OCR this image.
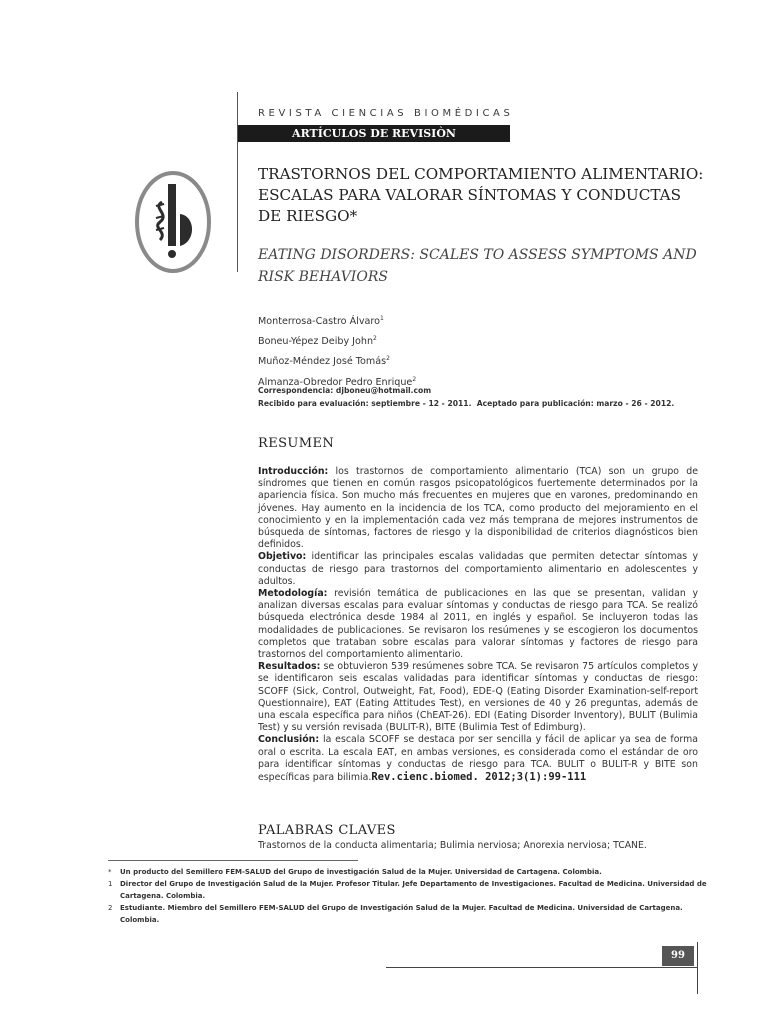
REVISTA CIENCIAS BIOMÉDICAS
ARTÍCULOS DE REVISIÒN
TRASTORNOS DEL COMPORTAMIENTO ALIMENTARIO: ESCALAS PARA VALORAR SÍNTOMAS Y CONDUCTAS DE RIESGO*
EATING DISORDERS: SCALES TO ASSESS SYMPTOMS AND RISK BEHAVIORS
Monterrosa-Castro Álvaro$^1$
Boneu-Yépez Deiby John$^2$
Muñoz-Méndez José Tomás$^2$
Almanza-Obredor Pedro Enrique$^2$
Correspondencia: djboneu@hotmail.com
Recibido para evaluación: septiembre - 12 - 2011. Aceptado para publicación: marzo - 26 - 2012.
RESUMEN

Introducción: los trastornos de comportamiento alimentario (TCA) son un grupo de síndromes que tienen en común rasgos psicopatológicos fuertemente determinados por la apariencia física. Son mucho más frecuentes en mujeres que en varones, predominando en jóvenes. Hay aumento en la incidencia de los TCA, como producto del mejoramiento en el conocimiento y en la implementación cada vez más temprana de mejores instrumentos de búsqueda de síntomas, factores de riesgo y la disponibilidad de criterios diagnósticos bien definidos.

Objetivo: identificar las principales escalas validadas que permiten detectar síntomas y conductas de riesgo para trastornos del comportamiento alimentario en adolescentes y adultos.

Metodología: revisión temática de publicaciones en las que se presentan, validan y analizan diversas escalas para evaluar síntomas y conductas de riesgo para TCA. Se realizó búsqueda electrónica desde 1984 al 2011, en inglés y español. Se incluyeron todas las modalidades de publicaciones. Se revisaron los resúmenes y se escogieron los documentos completos que trataban sobre escalas para valorar síntomas y factores de riesgo para trastornos del comportamiento alimentario.

Resultados: se obtuvieron 539 resúmenes sobre TCA. Se revisaron 75 artículos completos y se identificaron seis escalas validadas para identificar síntomas y conductas de riesgo: SCOFF (Sick, Control, Outweight, Fat, Food), EDE-Q (Eating Disorder Examination-self-report Questionnaire), EAT (Eating Attitudes Test), en versiones de 40 y 26 preguntas, además de una escala específica para niños (ChEAT-26). EDI (Eating Disorder Inventory), BULIT (Bulimia Test) y su versión revisada (BULIT-R), BITE (Bulimia Test of Edimburg).

Conclusión: la escala SCOFF se destaca por ser sencilla y fácil de aplicar ya sea de forma oral o escrita. La escala EAT, en ambas versiones, es considerada como el estándar de oro para identificar síntomas y conductas de riesgo para TCA. BULIT o BULIT-R y BITE son específicas para bilimia.Rev.cienc.biomed. 2012;3(1):99-111

PALABRAS CLAVES
Trastornos de la conducta alimentaria; Bulimia nerviosa; Anorexia nerviosa; TCANE.
*	Un producto del Semillero FEM-SALUD del Grupo de investigación Salud de la Mujer. Universidad de Cartagena. Colombia.
1	Director del Grupo de Investigación Salud de la Mujer. Profesor Titular. Jefe Departamento de Investigaciones. Facultad de Medicina. Universidad de Cartagena. Colombia.
2	Estudiante. Miembro del Semillero FEM-SALUD del Grupo de Investigación Salud de la Mujer. Facultad de Medicina. Universidad de Cartagena. Colombia.
99
